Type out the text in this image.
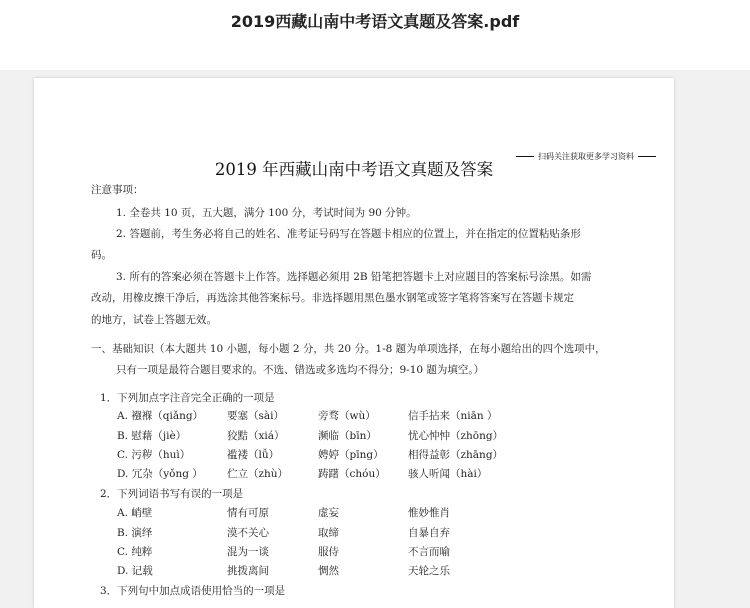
2019西藏山南中考语文真题及答案.pdf
扫码关注获取更多学习资料
2019 年西藏山南中考语文真题及答案
注意事项：
1. 全卷共 10 页，五大题，满分 100 分，考试时间为 90 分钟。
2. 答题前，考生务必将自己的姓名、准考证号码写在答题卡相应的位置上，并在指定的位置粘贴条形
码。
3. 所有的答案必须在答题卡上作答。选择题必须用 2B 铅笔把答题卡上对应题目的答案标号涂黑。如需
改动，用橡皮擦干净后，再选涂其他答案标号。非选择题用黑色墨水钢笔或签字笔将答案写在答题卡规定
的地方，试卷上答题无效。
一、基础知识（本大题共 10 小题，每小题 2 分，共 20 分。1-8 题为单项选择，在每小题给出的四个选项中，
只有一项是最符合题目要求的。不选、错选或多选均不得分；9-10 题为填空。）
1．下列加点字注音完全正确的一项是
A. 襁褓（qiǎng） 要塞（sài）	旁骛（wù）	信手拈来（niān ）
B. 慰藉（jiè）	狡黠（xiá）	濒临（bīn）	忧心忡忡（zhōng）
C. 污秽（huì）	褴褛（lǚ）	娉婷（pīng） 相得益彰（zhāng）
D. 冗杂（yǒng ） 伫立（zhù）	踌躇（chóu） 骇人听闻（hài）
2．下列词语书写有误的一项是
A. 峭壁	情有可原	虚妄	惟妙惟肖
B. 演绎	漠不关心	取缔	自暴自弃
C. 纯粹	混为一谈	服侍	不言而喻
D. 记载	挑拨离间	惆然	天轮之乐
3．下列句中加点成语使用恰当的一项是
